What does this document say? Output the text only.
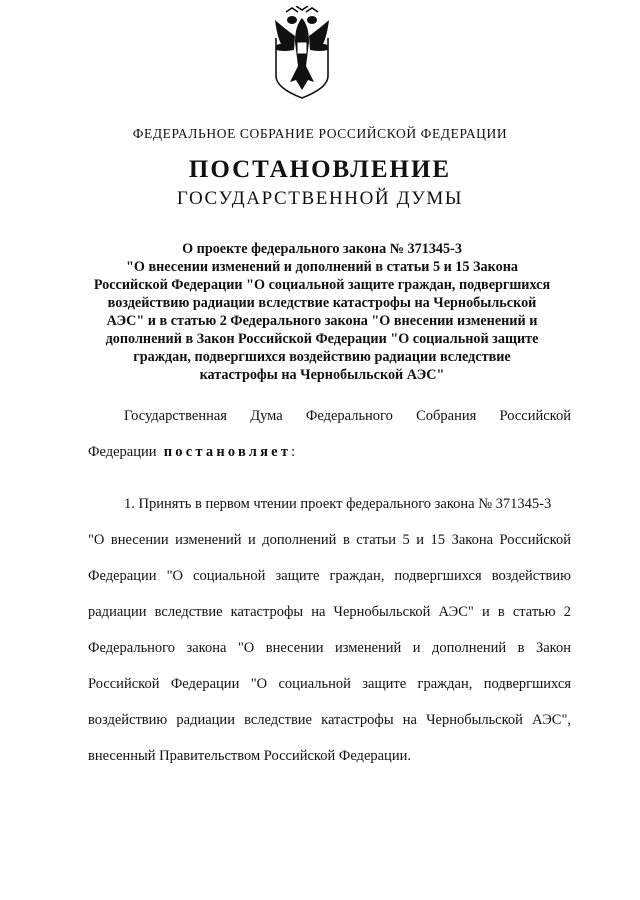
ФЕДЕРАЛЬНОЕ СОБРАНИЕ РОССИЙСКОЙ ФЕДЕРАЦИИ
ПОСТАНОВЛЕНИЕ
ГОСУДАРСТВЕННОЙ ДУМЫ
О проекте федерального закона № 371345-3
"О внесении изменений и дополнений в статьи 5 и 15 Закона
Российской Федерации "О социальной защите граждан, подвергшихся
воздействию радиации вследствие катастрофы на Чернобыльской
АЭС" и в статью 2 Федерального закона "О внесении изменений и
дополнений в Закон Российской Федерации "О социальной защите
граждан, подвергшихся воздействию радиации вследствие
катастрофы на Чернобыльской АЭС"
Государственная Дума Федерального Собрания Российской
Федерации постановляет:
1. Принять в первом чтении проект федерального закона № 371345-3
"О внесении изменений и дополнений в статьи 5 и 15 Закона Российской
Федерации "О социальной защите граждан, подвергшихся воздействию
радиации вследствие катастрофы на Чернобыльской АЭС" и в статью 2
Федерального закона "О внесении изменений и дополнений в Закон
Российской Федерации "О социальной защите граждан, подвергшихся
воздействию радиации вследствие катастрофы на Чернобыльской АЭС",
внесенный Правительством Российской Федерации.
